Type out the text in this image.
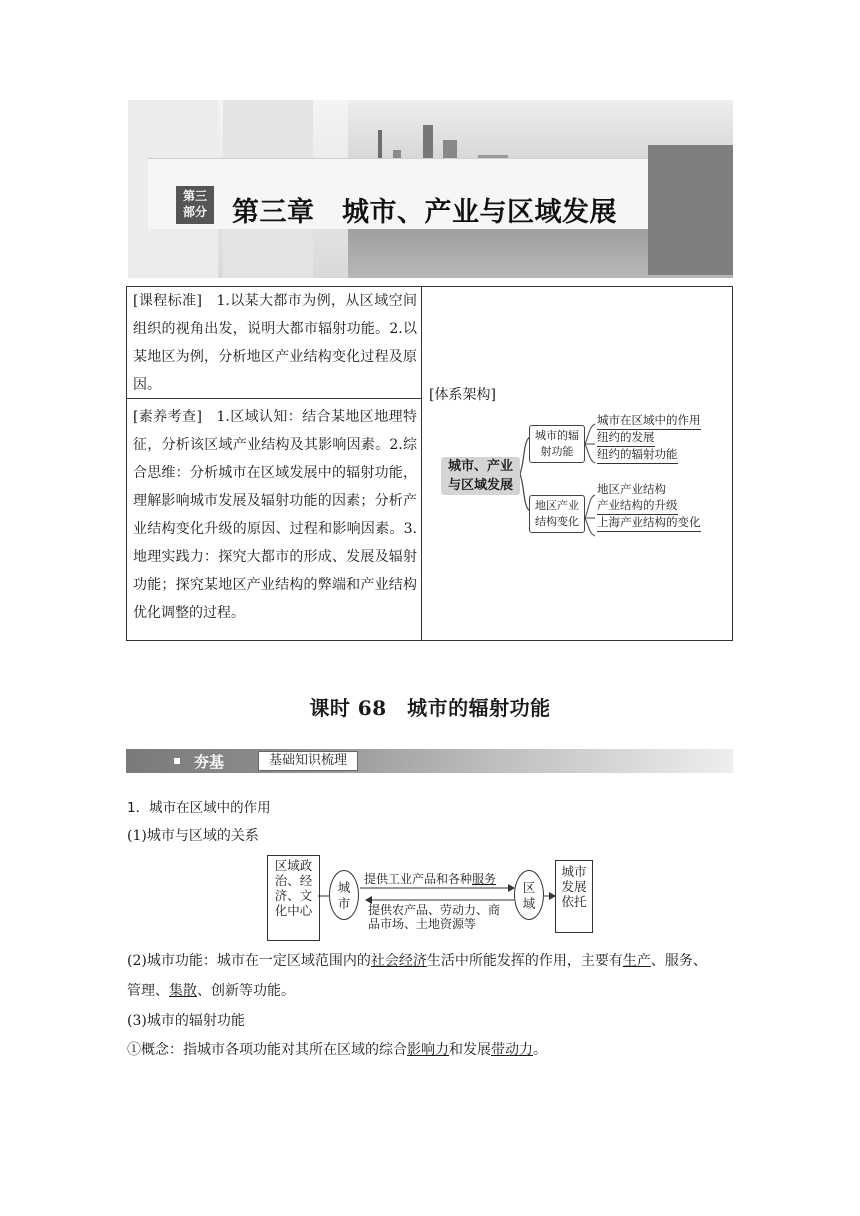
第三
部分 第三章　城市、产业与区域发展
[课程标准] 1.以某大都市为例，从区域空间组织的视角出发，说明大都市辐射功能。2.以某地区为例，分析地区产业结构变化过程及原因。
[素养考查] 1.区域认知：结合某地区地理特征，分析该区域产业结构及其影响因素。2.综合思维：分析城市在区域发展中的辐射功能，理解影响城市发展及辐射功能的因素；分析产业结构变化升级的原因、过程和影响因素。3.地理实践力：探究大都市的形成、发展及辐射功能；探究某地区产业结构的弊端和产业结构优化调整的过程。
[体系架构]
城市、产业
与区域发展
城市的辐
射功能
地区产业
结构变化
城市在区域中的作用
纽约的发展
纽约的辐射功能
地区产业结构
产业结构的升级
上海产业结构的变化
课时 68　城市的辐射功能
夯基	基础知识梳理
1．城市在区域中的作用
(1)城市与区域的关系
区域政
治、经
济、文
化中心
城
市
区
域
城市
发展
依托
提供工业产品和各种服务
提供农产品、劳动力、商
品市场、土地资源等
(2)城市功能：城市在一定区域范围内的社会经济生活中所能发挥的作用，主要有生产、服务、
管理、集散、创新等功能。
(3)城市的辐射功能
①概念：指城市各项功能对其所在区域的综合影响力和发展带动力。
